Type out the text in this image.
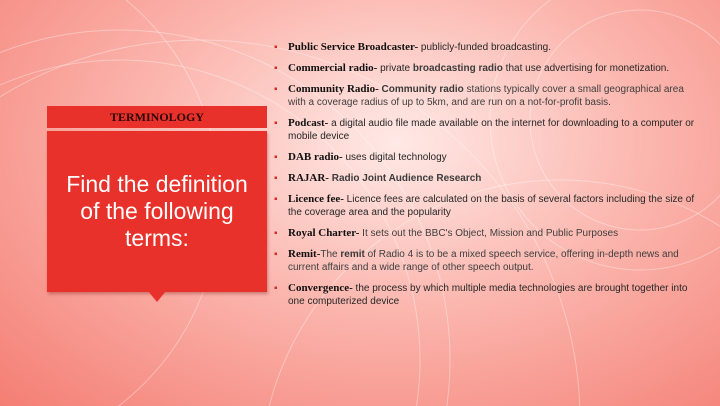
TERMINOLOGY
Find the definition of the following terms:
▪ Public Service Broadcaster- publicly-funded broadcasting.
▪ Commercial radio- private broadcasting radio that use advertising for monetization.
▪ Community Radio- Community radio stations typically cover a small geographical area with a coverage radius of up to 5km, and are run on a not-for-profit basis.
▪ Podcast- a digital audio file made available on the internet for downloading to a computer or mobile device
▪ DAB radio- uses digital technology
▪ RAJAR- Radio Joint Audience Research
▪ Licence fee- Licence fees are calculated on the basis of several factors including the size of the coverage area and the popularity
▪ Royal Charter- It sets out the BBC's Object, Mission and Public Purposes
▪ Remit-The remit of Radio 4 is to be a mixed speech service, offering in-depth news and current affairs and a wide range of other speech output.
▪ Convergence- the process by which multiple media technologies are brought together into one computerized device
